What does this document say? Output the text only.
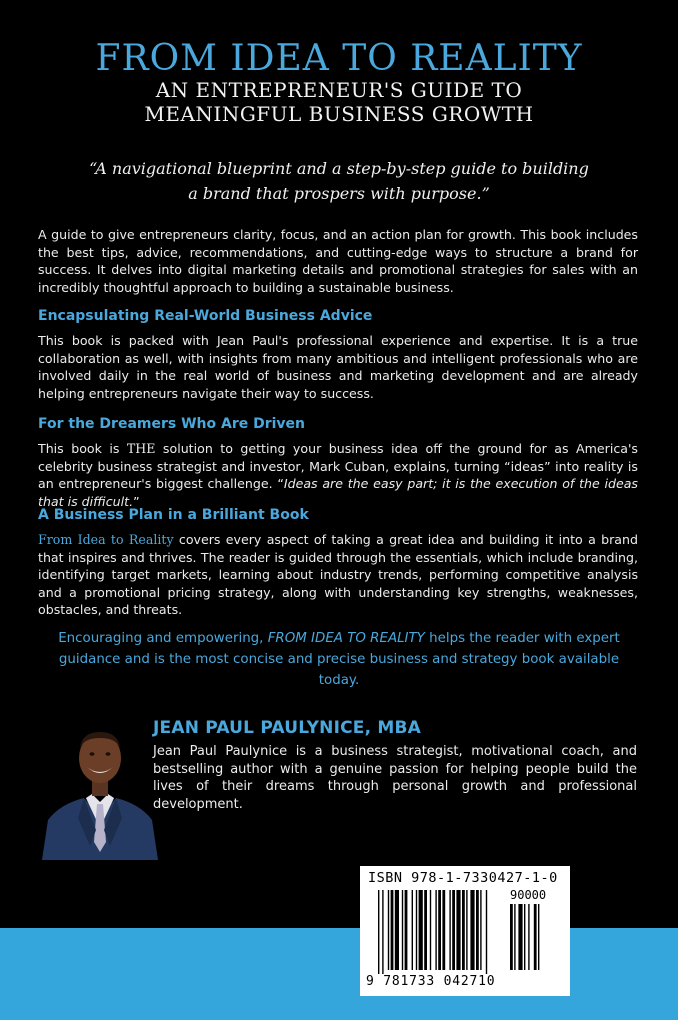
FROM IDEA TO REALITY
AN ENTREPRENEUR'S GUIDE TO
MEANINGFUL BUSINESS GROWTH
“A navigational blueprint and a step-by-step guide to building
a brand that prospers with purpose.”
A guide to give entrepreneurs clarity, focus, and an action plan for growth. This book includes the best tips, advice, recommendations, and cutting-edge ways to structure a brand for success. It delves into digital marketing details and promotional strategies for sales with an incredibly thoughtful approach to building a sustainable business.
Encapsulating Real-World Business Advice
This book is packed with Jean Paul's professional experience and expertise. It is a true collaboration as well, with insights from many ambitious and intelligent professionals who are involved daily in the real world of business and marketing development and are already helping entrepreneurs navigate their way to success.
For the Dreamers Who Are Driven
This book is THE solution to getting your business idea off the ground for as America's celebrity business strategist and investor, Mark Cuban, explains, turning “ideas” into reality is an entrepreneur's biggest challenge. “Ideas are the easy part; it is the execution of the ideas that is difficult.”
A Business Plan in a Brilliant Book
From Idea to Reality covers every aspect of taking a great idea and building it into a brand that inspires and thrives. The reader is guided through the essentials, which include branding, identifying target markets, learning about industry trends, performing competitive analysis and a promotional pricing strategy, along with understanding key strengths, weaknesses, obstacles, and threats.
Encouraging and empowering, FROM IDEA TO REALITY helps the reader with expert guidance and is the most concise and precise business and strategy book available today.
JEAN PAUL PAULYNICE, MBA
Jean Paul Paulynice is a business strategist, motivational coach, and bestselling author with a genuine passion for helping people build the lives of their dreams through personal growth and professional development.
ISBN 978-1-7330427-1-0
90000
9 781733 042710
